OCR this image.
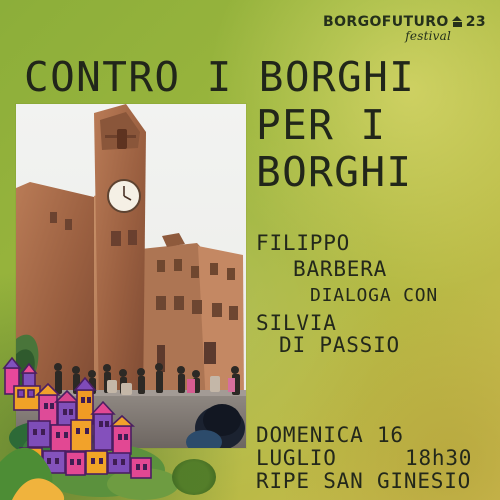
BORGOFUTURO 23
festival
CONTRO I BORGHI
PER I
BORGHI

FILIPPO

BARBERA

DIALOGA CON

SILVIA

DI PASSIO

DOMENICA 16

LUGLIO	18h30

RIPE SAN GINESIO
